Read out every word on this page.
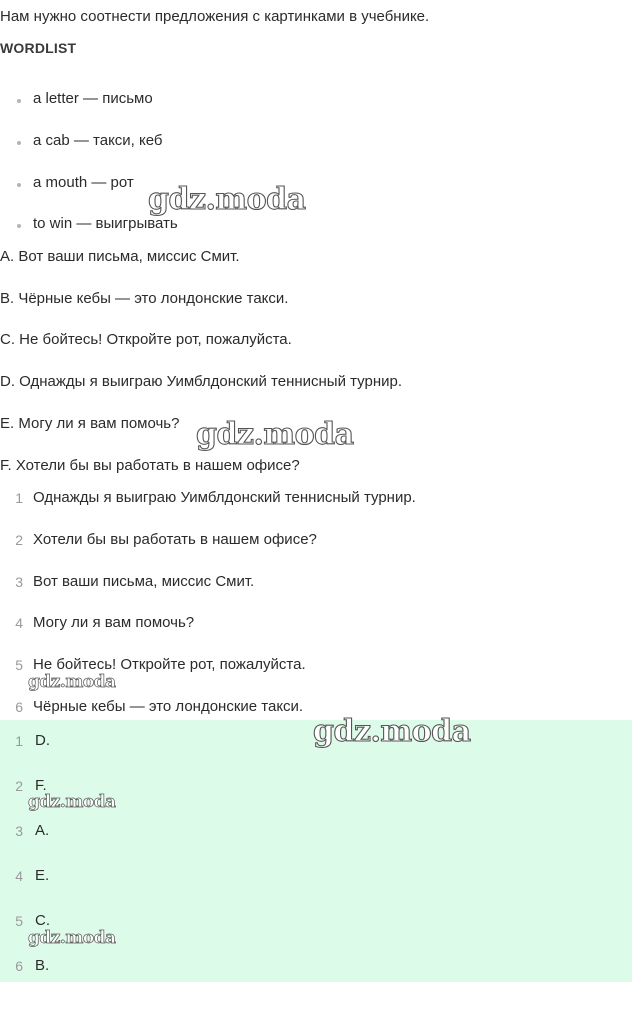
Нам нужно соотнести предложения с картинками в учебнике.
WORDLIST
a letter — письмо
a cab — такси, кеб
a mouth — рот
to win — выигрывать
A. Вот ваши письма, миссис Смит.
B. Чёрные кебы — это лондонские такси.
C. Не бойтесь! Откройте рот, пожалуйста.
D. Однажды я выиграю Уимблдонский теннисный турнир.
E. Могу ли я вам помочь?
F. Хотели бы вы работать в нашем офисе?
1 Однажды я выиграю Уимблдонский теннисный турнир.
2 Хотели бы вы работать в нашем офисе?
3 Вот ваши письма, миссис Смит.
4 Могу ли я вам помочь?
5 Не бойтесь! Откройте рот, пожалуйста.
6 Чёрные кебы — это лондонские такси.
1 D.
2 F.
3 A.
4 E.
5 C.
6 B.
gdz.moda
gdz.moda
gdz.moda
gdz.moda
gdz.moda
gdz.moda
